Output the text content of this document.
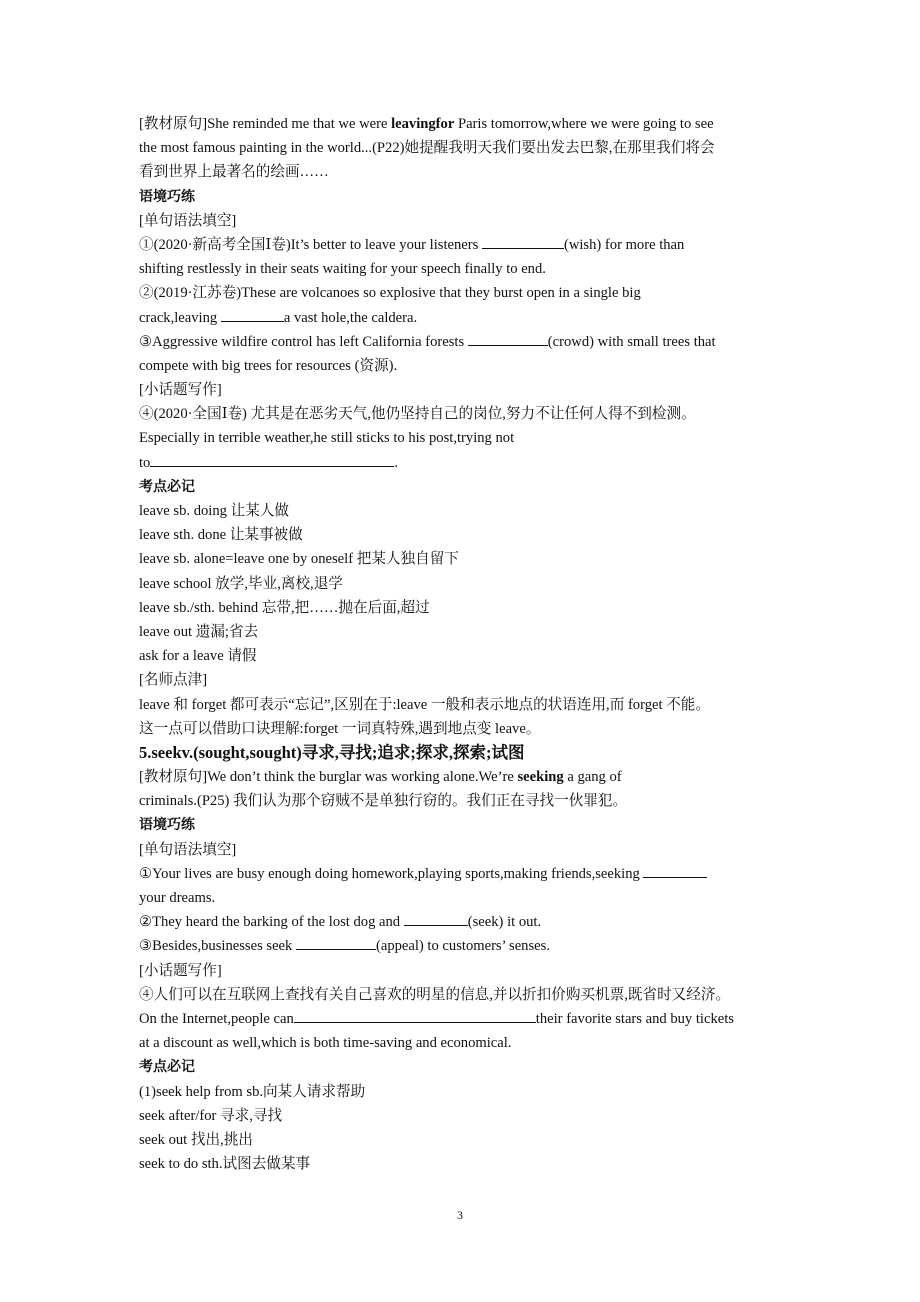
[教材原句]She reminded me that we were leavingfor Paris tomorrow,where we were going to see
the most famous painting in the world...(P22)她提醒我明天我们要出发去巴黎,在那里我们将会
看到世界上最著名的绘画……
语境巧练
[单句语法填空]
①(2020·新高考全国Ⅰ卷)It’s better to leave your listeners	(wish) for more than
shifting restlessly in their seats waiting for your speech finally to end.
②(2019·江苏卷)These are volcanoes so explosive that they burst open in a single big
crack,leaving	a vast hole,the caldera.
③Aggressive wildfire control has left California forests	(crowd) with small trees that
compete with big trees for resources (资源).
[小话题写作]
④(2020·全国Ⅰ卷) 尤其是在恶劣天气,他仍坚持自己的岗位,努力不让任何人得不到检测。
Especially in terrible weather,he still sticks to his post,trying not
to	.
考点必记
leave sb. doing 让某人做
leave sth. done 让某事被做
leave sb. alone=leave one by oneself 把某人独自留下
leave school 放学,毕业,离校,退学
leave sb./sth. behind 忘带,把……抛在后面,超过
leave out 遗漏;省去
ask for a leave 请假
[名师点津]
leave 和 forget 都可表示“忘记”,区别在于:leave 一般和表示地点的状语连用,而 forget 不能。
这一点可以借助口诀理解:forget 一词真特殊,遇到地点变 leave。
5.seekv.(sought,sought)寻求,寻找;追求;探求,探索;试图
[教材原句]We don’t think the burglar was working alone.We’re seeking a gang of
criminals.(P25) 我们认为那个窃贼不是单独行窃的。我们正在寻找一伙罪犯。
语境巧练
[单句语法填空]
①Your lives are busy enough doing homework,playing sports,making friends,seeking
your dreams.
②They heard the barking of the lost dog and	(seek) it out.
③Besides,businesses seek	(appeal) to customers’ senses.
[小话题写作]
④人们可以在互联网上查找有关自己喜欢的明星的信息,并以折扣价购买机票,既省时又经济。
On the Internet,people can	their favorite stars and buy tickets
at a discount as well,which is both time-saving and economical.
考点必记
(1)seek help from sb.向某人请求帮助
seek after/for 寻求,寻找
seek out 找出,挑出
seek to do sth.试图去做某事
3
